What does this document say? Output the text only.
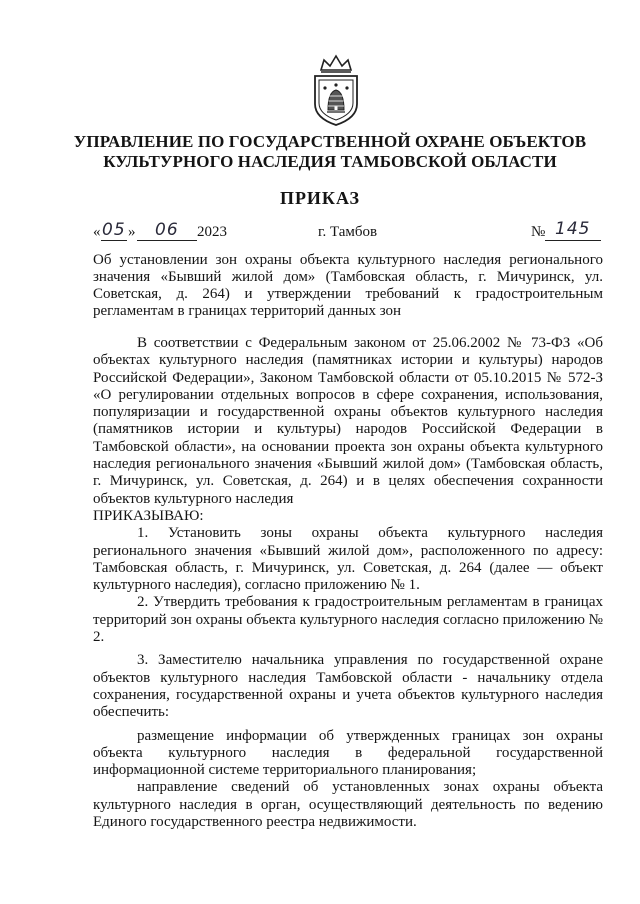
УПРАВЛЕНИЕ ПО ГОСУДАРСТВЕННОЙ ОХРАНЕ ОБЪЕКТОВ
КУЛЬТУРНОГО НАСЛЕДИЯ ТАМБОВСКОЙ ОБЛАСТИ
ПРИКАЗ
« 05 » 06 2023	г. Тамбов	№ 145
Об установлении зон охраны объекта культурного наследия регионального значения «Бывший жилой дом» (Тамбовская область, г. Мичуринск, ул. Советская, д. 264) и утверждении требований к градостроительным регламентам в границах территорий данных зон

В соответствии с Федеральным законом от 25.06.2002 № 73-ФЗ «Об объектах культурного наследия (памятниках истории и культуры) народов Российской Федерации», Законом Тамбовской области от 05.10.2015 № 572-З «О регулировании отдельных вопросов в сфере сохранения, использования, популяризации и государственной охраны объектов культурного наследия (памятников истории и культуры) народов Российской Федерации в Тамбовской области», на основании проекта зон охраны объекта культурного наследия регионального значения «Бывший жилой дом» (Тамбовская область, г. Мичуринск, ул. Советская, д. 264) и в целях обеспечения сохранности объектов культурного наследия

ПРИКАЗЫВАЮ:

1. Установить зоны охраны объекта культурного наследия регионального значения «Бывший жилой дом», расположенного по адресу: Тамбовская область, г. Мичуринск, ул. Советская, д. 264 (далее — объект культурного наследия), согласно приложению № 1.

2. Утвердить требования к градостроительным регламентам в границах территорий зон охраны объекта культурного наследия согласно приложению № 2.

3. Заместителю начальника управления по государственной охране объектов культурного наследия Тамбовской области - начальнику отдела сохранения, государственной охраны и учета объектов культурного наследия обеспечить:

размещение информации об утвержденных границах зон охраны объекта культурного наследия в федеральной государственной информационной системе территориального планирования;

направление сведений об установленных зонах охраны объекта культурного наследия в орган, осуществляющий деятельность по ведению Единого государственного реестра недвижимости.
